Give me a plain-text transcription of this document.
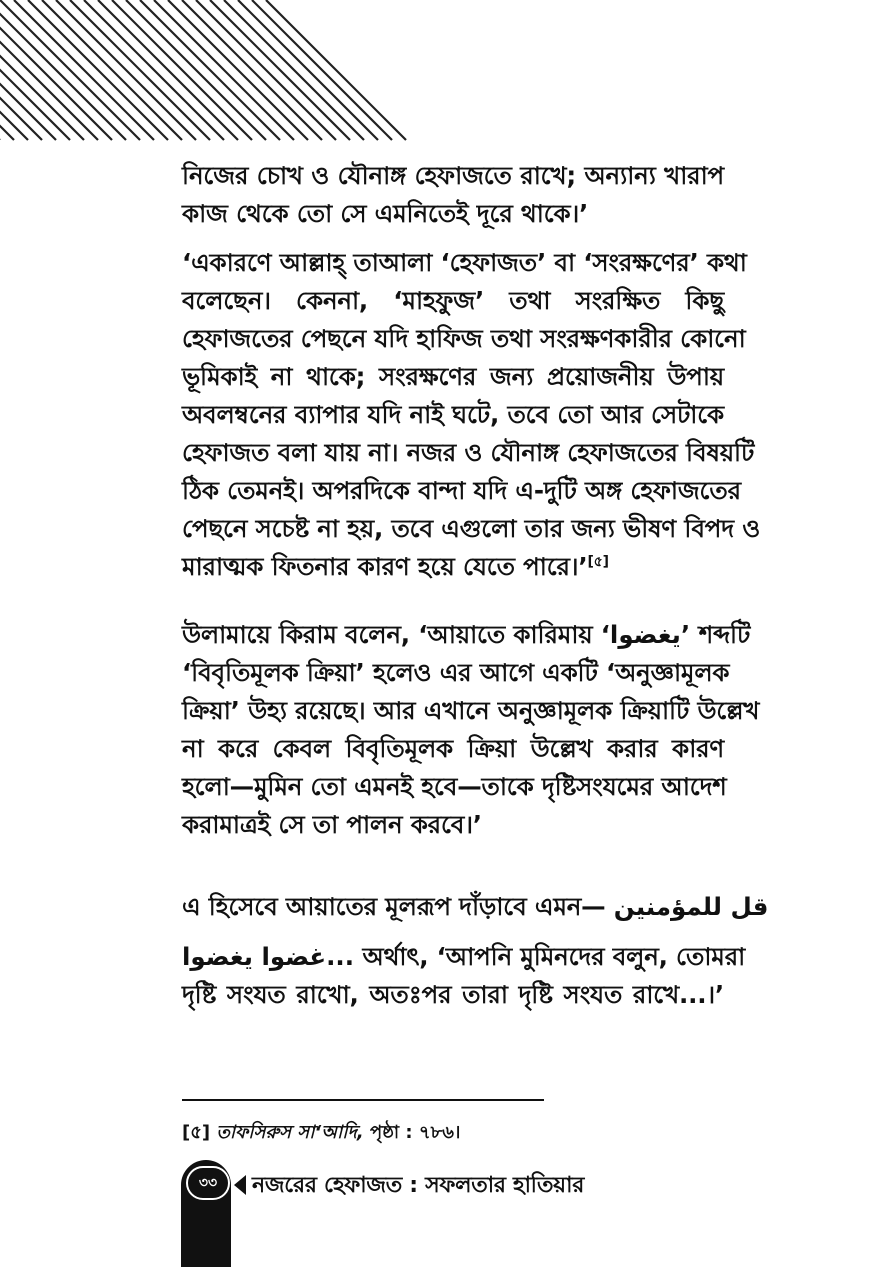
নিজের চোখ ও যৌনাঙ্গ হেফাজতে রাখে; অন্যান্য খারাপ
কাজ থেকে তো সে এমনিতেই দূরে থাকে।’
‘একারণে আল্লাহ্‌ তাআলা ‘হেফাজত’ বা ‘সংরক্ষণের’ কথা
বলেছেন। কেননা, ‘মাহফুজ’ তথা সংরক্ষিত কিছু
হেফাজতের পেছনে যদি হাফিজ তথা সংরক্ষণকারীর কোনো
ভূমিকাই না থাকে; সংরক্ষণের জন্য প্রয়োজনীয় উপায়
অবলম্বনের ব্যাপার যদি নাই ঘটে, তবে তো আর সেটাকে
হেফাজত বলা যায় না। নজর ও যৌনাঙ্গ হেফাজতের বিষয়টি
ঠিক তেমনই। অপরদিকে বান্দা যদি এ-দুটি অঙ্গ হেফাজতের
পেছনে সচেষ্ট না হয়, তবে এগুলো তার জন্য ভীষণ বিপদ ও
মারাত্মক ফিতনার কারণ হয়ে যেতে পারে।’[৫]
উলামায়ে কিরাম বলেন, ‘আয়াতে কারিমায় ‘يغضوا’ শব্দটি
‘বিবৃতিমূলক ক্রিয়া’ হলেও এর আগে একটি ‘অনুজ্ঞামূলক
ক্রিয়া’ উহ্য রয়েছে। আর এখানে অনুজ্ঞামূলক ক্রিয়াটি উল্লেখ
না করে কেবল বিবৃতিমূলক ক্রিয়া উল্লেখ করার কারণ
হলো—মুমিন তো এমনই হবে—তাকে দৃষ্টিসংযমের আদেশ
করামাত্রই সে তা পালন করবে।’
এ হিসেবে আয়াতের মূলরূপ দাঁড়াবে এমন— قل للمؤمنين
غضوا يغضوا... অর্থাৎ, ‘আপনি মুমিনদের বলুন, তোমরা
দৃষ্টি সংযত রাখো, অতঃপর তারা দৃষ্টি সংযত রাখে...।’
[৫] তাফসিরুস সা‘আদি, পৃষ্ঠা : ৭৮৬।
৩৩	নজরের হেফাজত : সফলতার হাতিয়ার
